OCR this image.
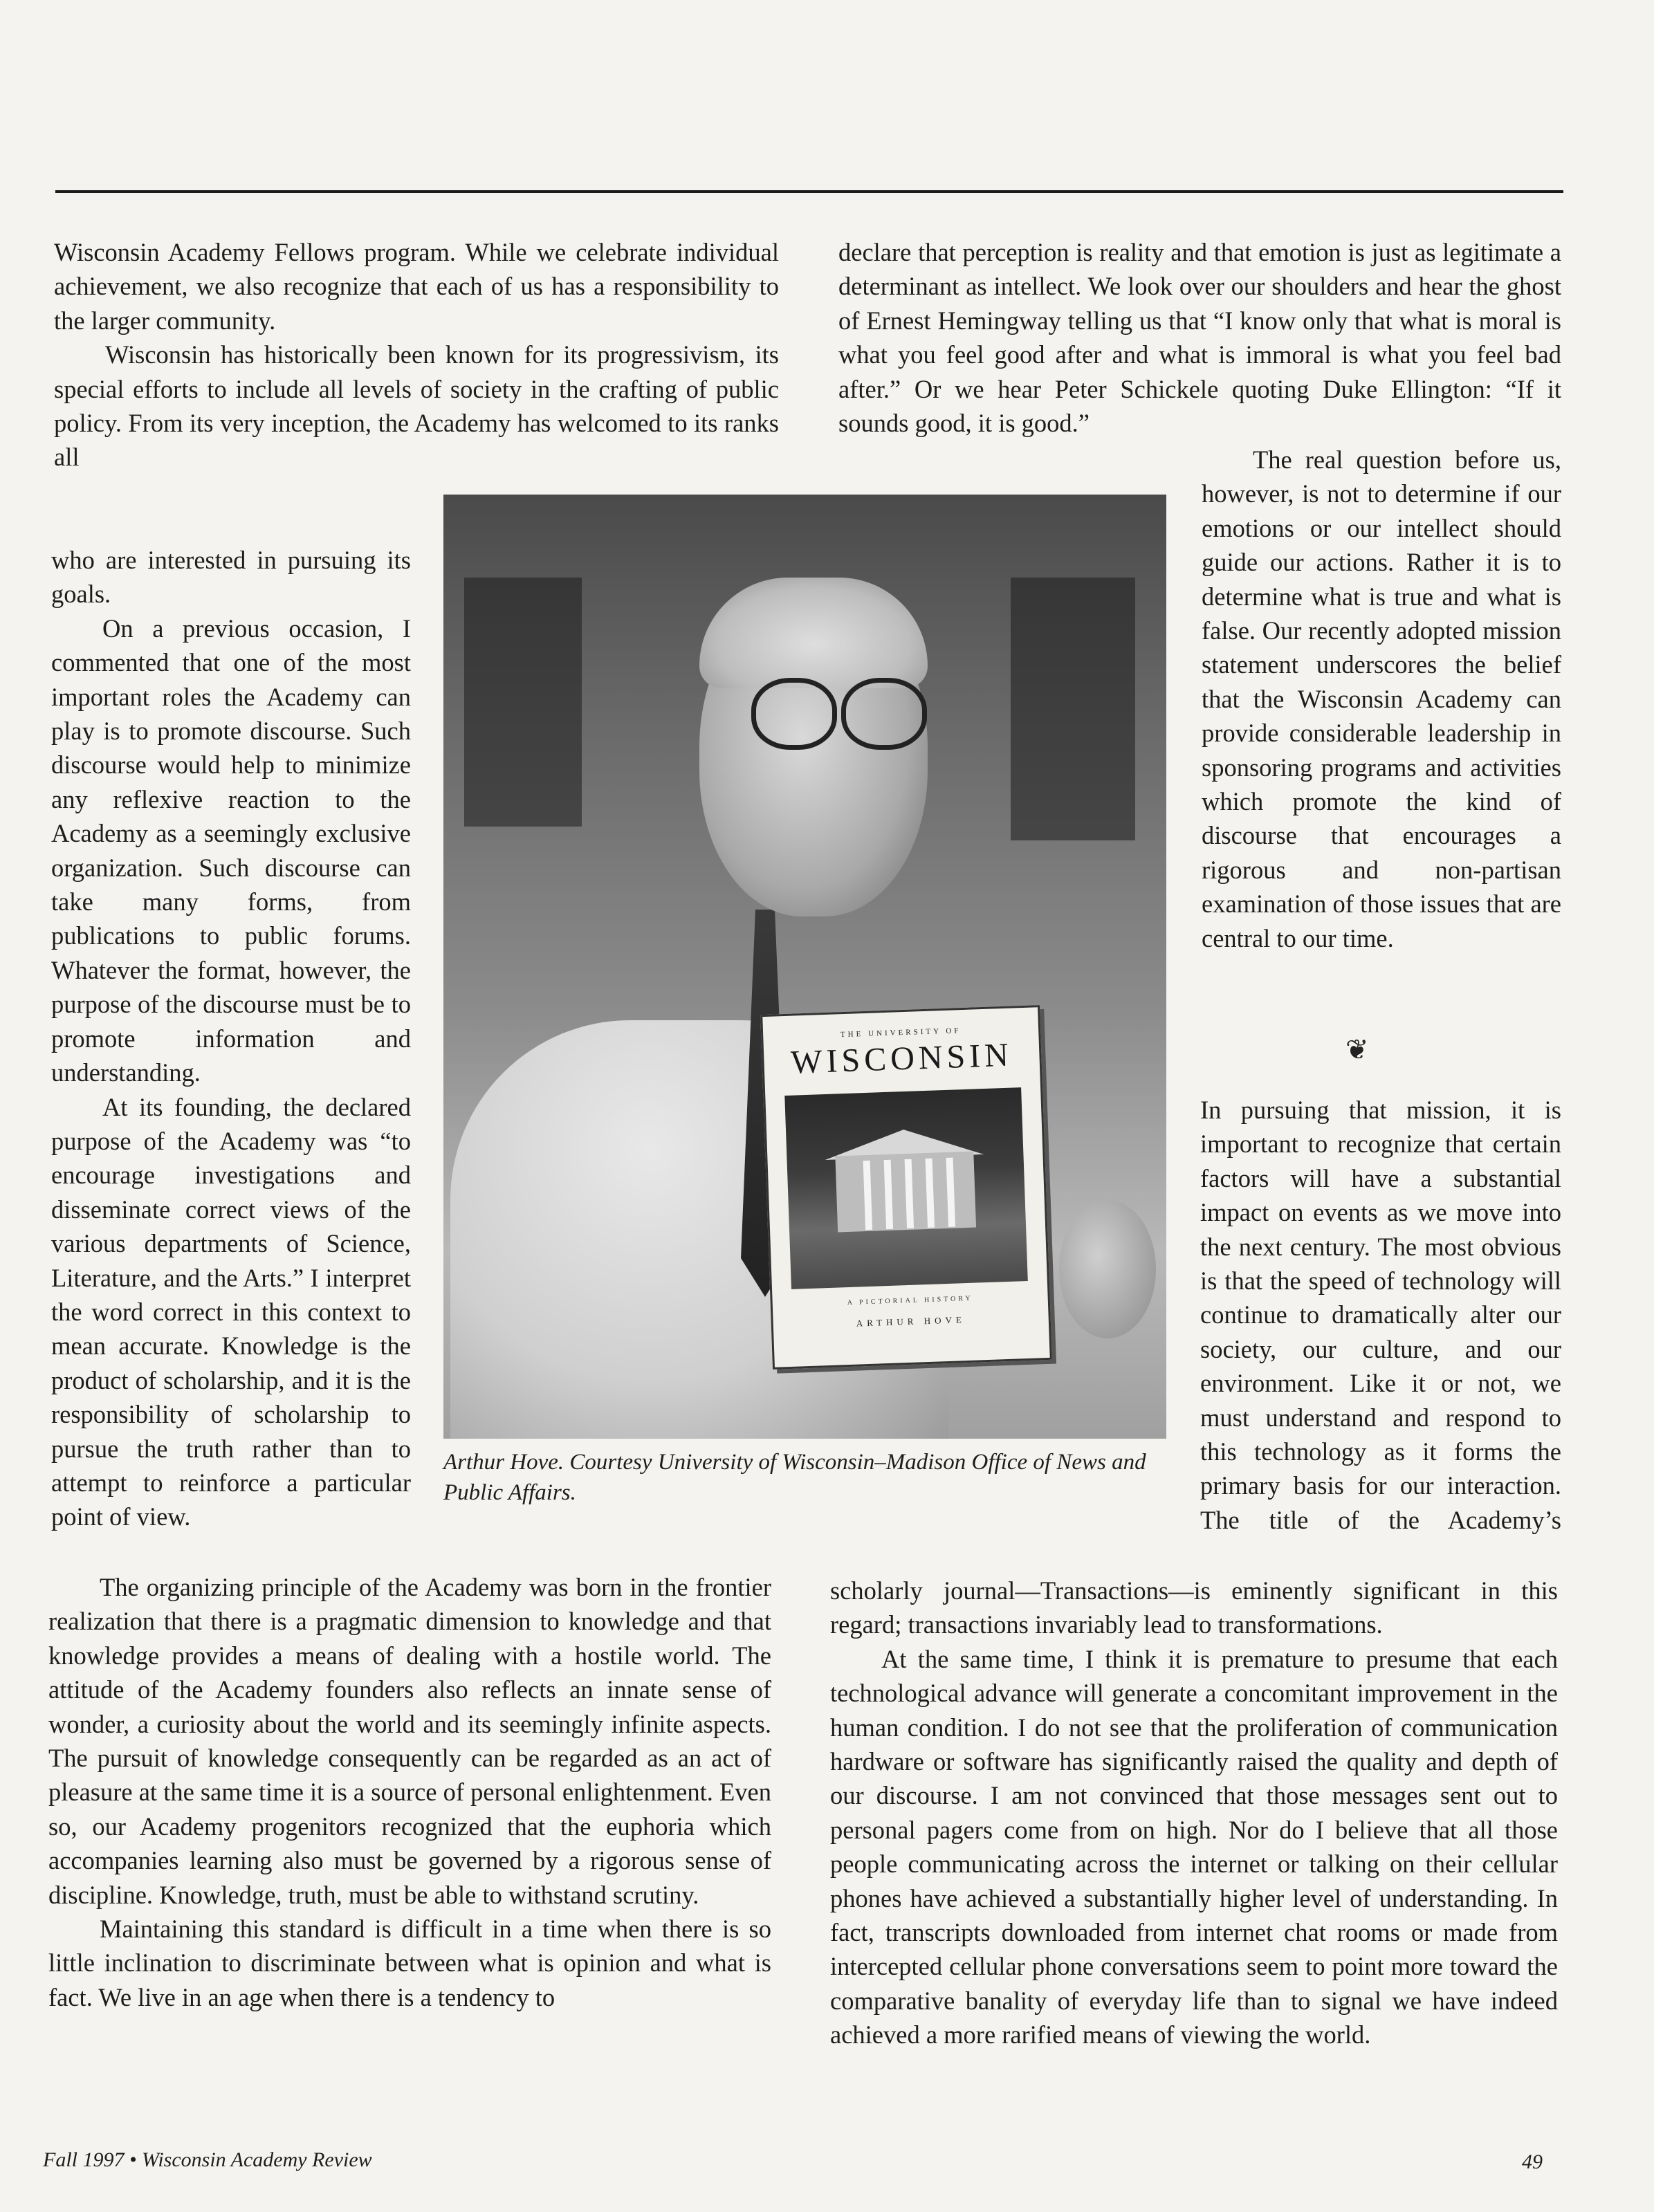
Wisconsin Academy Fellows program. While we celebrate individual achievement, we also recognize that each of us has a responsibility to the larger community.

Wisconsin has historically been known for its progressivism, its special efforts to include all levels of society in the crafting of public policy. From its very inception, the Academy has welcomed to its ranks all

who are interested in pursuing its goals.

On a previous occasion, I commented that one of the most important roles the Academy can play is to promote discourse. Such discourse would help to minimize any reflexive reaction to the Academy as a seemingly exclusive organization. Such discourse can take many forms, from publications to public forums. Whatever the format, however, the purpose of the discourse must be to promote information and understanding.

At its founding, the declared purpose of the Academy was “to encourage investigations and disseminate correct views of the various departments of Science, Literature, and the Arts.” I interpret the word correct in this context to mean accurate. Knowledge is the product of scholarship, and it is the responsibility of scholarship to pursue the truth rather than to attempt to reinforce a particular point of view.

The organizing principle of the Academy was born in the frontier realization that there is a pragmatic dimension to knowledge and that knowledge provides a means of dealing with a hostile world. The attitude of the Academy founders also reflects an innate sense of wonder, a curiosity about the world and its seemingly infinite aspects. The pursuit of knowledge consequently can be regarded as an act of pleasure at the same time it is a source of personal enlightenment. Even so, our Academy progenitors recognized that the euphoria which accompanies learning also must be governed by a rigorous sense of discipline. Knowledge, truth, must be able to withstand scrutiny.

Maintaining this standard is difficult in a time when there is so little inclination to discriminate between what is opinion and what is fact. We live in an age when there is a tendency to

declare that perception is reality and that emotion is just as legitimate a determinant as intellect. We look over our shoulders and hear the ghost of Ernest Hemingway telling us that “I know only that what is moral is what you feel good after and what is immoral is what you feel bad after.” Or we hear Peter Schickele quoting Duke Ellington: “If it sounds good, it is good.”

The real question before us, however, is not to determine if our emotions or our intellect should guide our actions. Rather it is to determine what is true and what is false. Our recently adopted mission statement underscores the belief that the Wisconsin Academy can provide considerable leadership in sponsoring programs and activities which promote the kind of discourse that encourages a rigorous and non-partisan examination of those issues that are central to our time.

❦

In pursuing that mission, it is important to recognize that certain factors will have a substantial impact on events as we move into the next century. The most obvious is that the speed of technology will continue to dramatically alter our society, our culture, and our environment. Like it or not, we must understand and respond to this technology as it forms the primary basis for our interaction. The title of the Academy’s

scholarly journal—Transactions—is eminently significant in this regard; transactions invariably lead to transformations.

At the same time, I think it is premature to presume that each technological advance will generate a concomitant improvement in the human condition. I do not see that the proliferation of communication hardware or software has significantly raised the quality and depth of our discourse. I am not convinced that those messages sent out to personal pagers come from on high. Nor do I believe that all those people communicating across the internet or talking on their cellular phones have achieved a substantially higher level of understanding. In fact, transcripts downloaded from internet chat rooms or made from intercepted cellular phone conversations seem to point more toward the comparative banality of everyday life than to signal we have indeed achieved a more rarified means of viewing the world.

THE UNIVERSITY OF
WISCONSIN
A PICTORIAL HISTORY
ARTHUR HOVE
Arthur Hove. Courtesy University of Wisconsin–Madison Office of News and Public Affairs.
Fall 1997 • Wisconsin Academy Review	49
